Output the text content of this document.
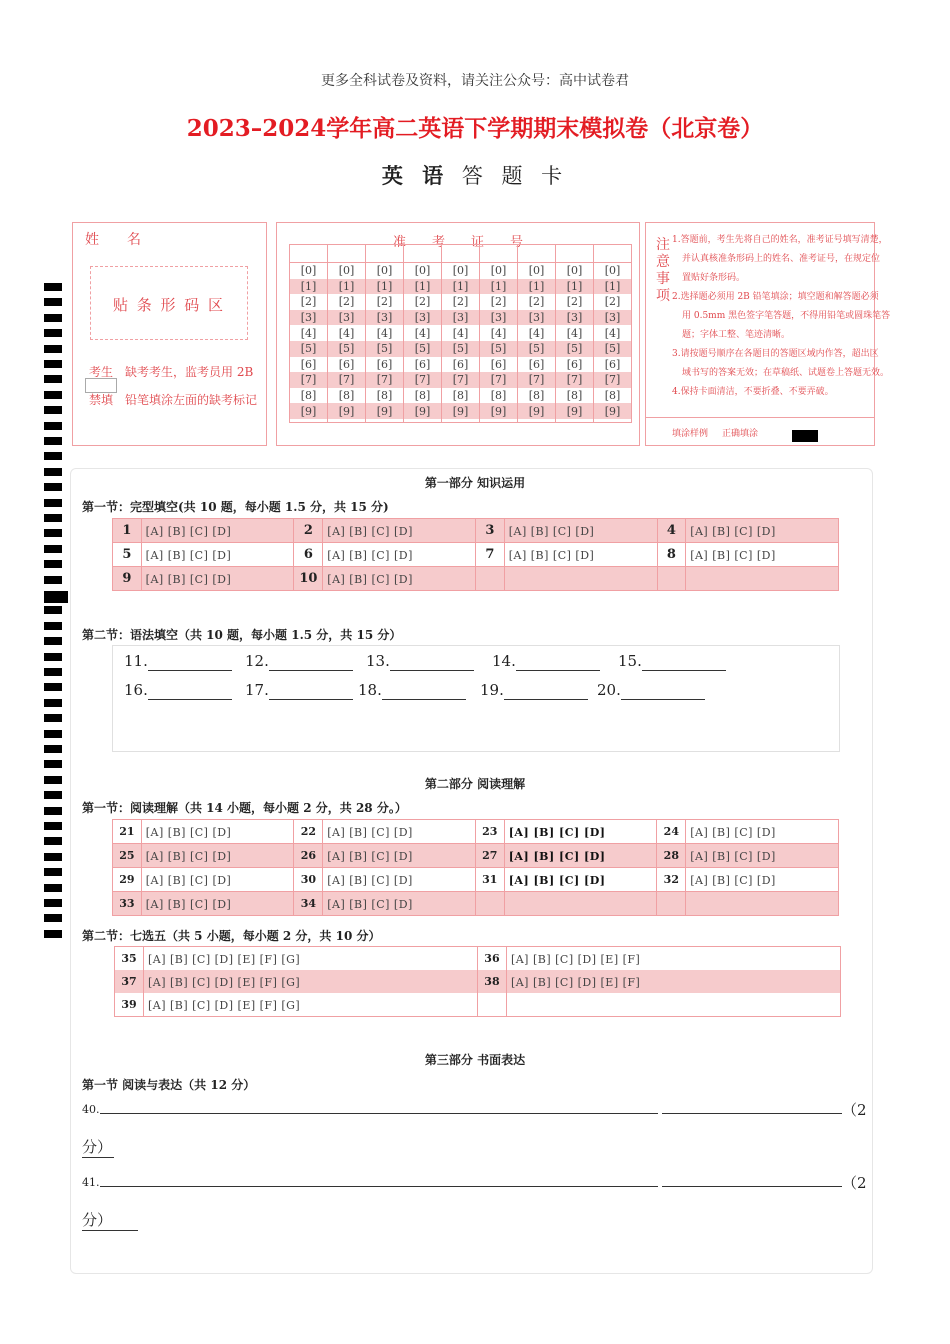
更多全科试卷及资料，请关注公众号：高中试卷君
2023–2024学年高二英语下学期期末模拟卷（北京卷）
英 语 答 题 卡
姓　　名
贴 条 形 码 区
考生
禁填
缺考考生，监考员用 2B
铅笔填涂左面的缺考标记
准　　考　　证　　号

[0]	[0]	[0]	[0]	[0]	[0]	[0]	[0]	[0]
[1]	[1]	[1]	[1]	[1]	[1]	[1]	[1]	[1]
[2]	[2]	[2]	[2]	[2]	[2]	[2]	[2]	[2]
[3]	[3]	[3]	[3]	[3]	[3]	[3]	[3]	[3]
[4]	[4]	[4]	[4]	[4]	[4]	[4]	[4]	[4]
[5]	[5]	[5]	[5]	[5]	[5]	[5]	[5]	[5]
[6]	[6]	[6]	[6]	[6]	[6]	[6]	[6]	[6]
[7]	[7]	[7]	[7]	[7]	[7]	[7]	[7]	[7]
[8]	[8]	[8]	[8]	[8]	[8]	[8]	[8]	[8]
[9]	[9]	[9]	[9]	[9]	[9]	[9]	[9]	[9]

注
意
事
项
1.答题前，考生先将自己的姓名，准考证号填写清楚，
并认真核准条形码上的姓名、准考证号，在规定位
置贴好条形码。
2.选择题必须用 2B 铅笔填涂；填空题和解答题必须
用 0.5mm 黑色签字笔答题，不得用铅笔或圆珠笔答
题；字体工整、笔迹清晰。
3.请按题号顺序在各题目的答题区域内作答，超出区
域书写的答案无效；在草稿纸、试题卷上答题无效。
4.保持卡面清洁，不要折叠、不要弄破。
填涂样例 正确填涂
第一部分 知识运用
第一节：完型填空(共 10 题，每小题 1.5 分，共 15 分)
1	[A] [B] [C] [D]	2	[A] [B] [C] [D]	3	[A] [B] [C] [D]	4	[A] [B] [C] [D]
5	[A] [B] [C] [D]	6	[A] [B] [C] [D]	7	[A] [B] [C] [D]	8	[A] [B] [C] [D]
9	[A] [B] [C] [D]	10	[A] [B] [C] [D]				
第二节：语法填空（共 10 题，每小题 1.5 分，共 15 分）
11.	12.	13.	14.	15.
16.	17.	18.	19.	20.
第二部分 阅读理解
第一节：阅读理解（共 14 小题，每小题 2 分，共 28 分。）
21	[A] [B] [C] [D]	22	[A] [B] [C] [D]	23	[A] [B] [C] [D]	24	[A] [B] [C] [D]
25	[A] [B] [C] [D]	26	[A] [B] [C] [D]	27	[A] [B] [C] [D]	28	[A] [B] [C] [D]
29	[A] [B] [C] [D]	30	[A] [B] [C] [D]	31	[A] [B] [C] [D]	32	[A] [B] [C] [D]
33	[A] [B] [C] [D]	34	[A] [B] [C] [D]				
第二节：七选五（共 5 小题，每小题 2 分，共 10 分）
35	[A] [B] [C] [D] [E] [F] [G]	36	[A] [B] [C] [D] [E] [F]
37	[A] [B] [C] [D] [E] [F] [G]	38	[A] [B] [C] [D] [E] [F]
39	[A] [B] [C] [D] [E] [F] [G]		
第三部分 书面表达
第一节 阅读与表达（共 12 分）
40.	（2
分）
41.	（2
分）
